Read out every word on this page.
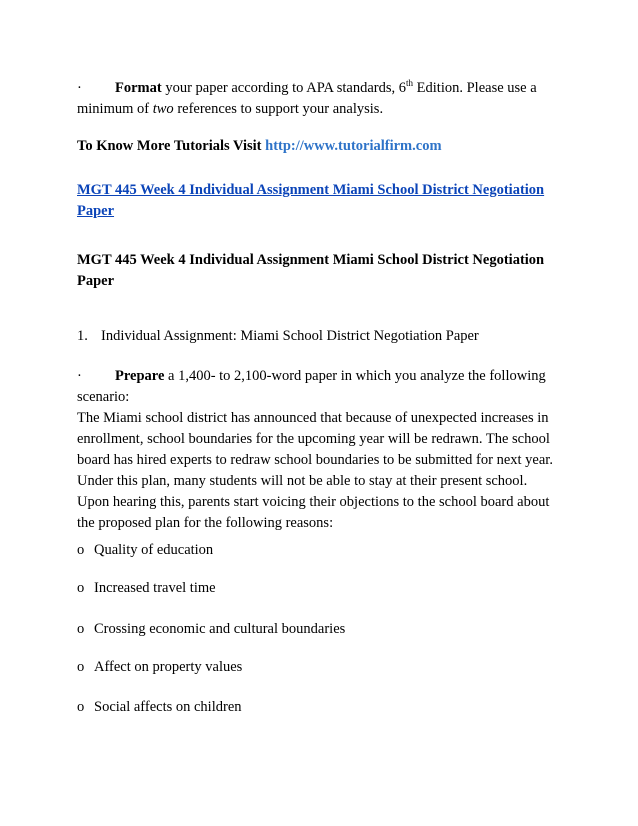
· Format your paper according to APA standards, 6th Edition. Please use a
minimum of two references to support your analysis.
To Know More Tutorials Visit http://www.tutorialfirm.com
MGT 445 Week 4 Individual Assignment Miami School District Negotiation
Paper
MGT 445 Week 4 Individual Assignment Miami School District Negotiation
Paper
1. Individual Assignment: Miami School District Negotiation Paper
· Prepare a 1,400- to 2,100-word paper in which you analyze the following
scenario:
The Miami school district has announced that because of unexpected increases in
enrollment, school boundaries for the upcoming year will be redrawn. The school
board has hired experts to redraw school boundaries to be submitted for next year.
Under this plan, many students will not be able to stay at their present school.
Upon hearing this, parents start voicing their objections to the school board about
the proposed plan for the following reasons:
o Quality of education
o Increased travel time
o Crossing economic and cultural boundaries
o Affect on property values
o Social affects on children
